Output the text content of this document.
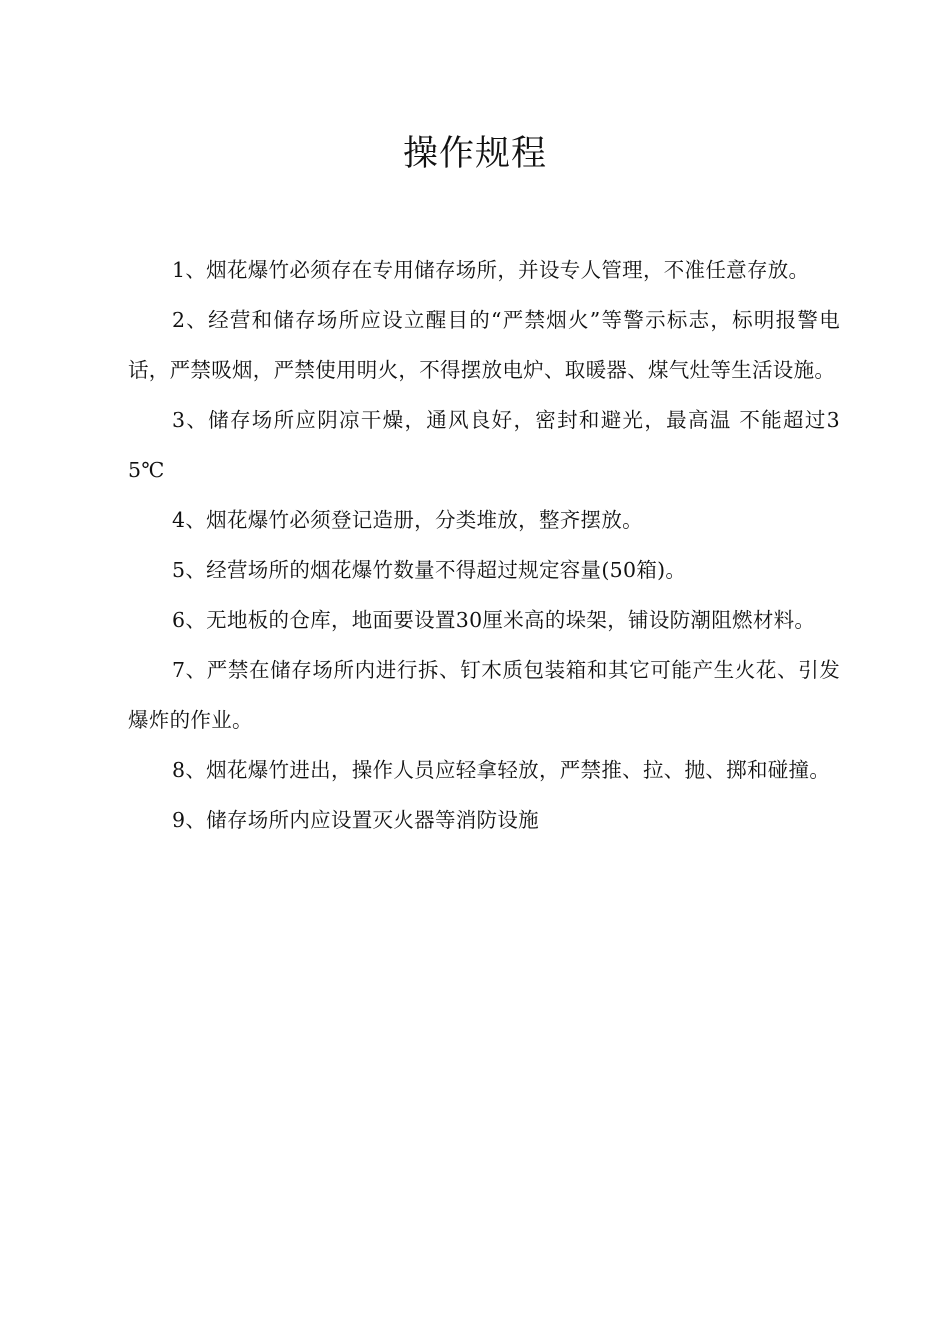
操作规程

1、烟花爆竹必须存在专用储存场所，并设专人管理，不准任意存放。

2、经营和储存场所应设立醒目的“严禁烟火”等警示标志，标明报警电话，严禁吸烟，严禁使用明火，不得摆放电炉、取暖器、煤气灶等生活设施。

3、储存场所应阴凉干燥，通风良好，密封和避光，最高温 不能超过35℃

4、烟花爆竹必须登记造册，分类堆放，整齐摆放。

5、经营场所的烟花爆竹数量不得超过规定容量(50箱)。

6、无地板的仓库，地面要设置30厘米高的垛架，铺设防潮阻燃材料。

7、严禁在储存场所内进行拆、钉木质包装箱和其它可能产生火花、引发爆炸的作业。

8、烟花爆竹进出，操作人员应轻拿轻放，严禁推、拉、抛、掷和碰撞。

9、储存场所内应设置灭火器等消防设施
